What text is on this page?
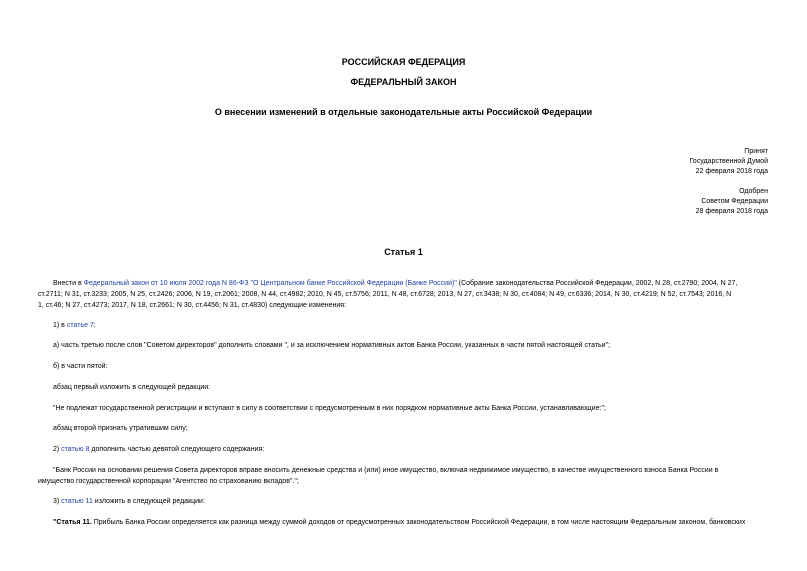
РОССИЙСКАЯ ФЕДЕРАЦИЯ
ФЕДЕРАЛЬНЫЙ ЗАКОН
О внесении изменений в отдельные законодательные акты Российской Федерации
Принят
Государственной Думой
22 февраля 2018 года
Одобрен
Советом Федерации
28 февраля 2018 года
Статья 1
Внести в Федеральный закон от 10 июля 2002 года N 86-ФЗ "О Центральном банке Российской Федерации (Банке России)" (Собрание законодательства Российской Федерации, 2002, N 28, ст.2790; 2004, N 27,
ст.2711; N 31, ст.3233; 2005, N 25, ст.2426; 2006, N 19, ст.2061; 2008, N 44, ст.4982; 2010, N 45, ст.5756; 2011, N 48, ст.6728; 2013, N 27, ст.3438; N 30, ст.4084; N 49, ст.6336; 2014, N 30, ст.4219; N 52, ст.7543; 2016, N
1, ст.46; N 27, ст.4273; 2017, N 18, ст.2661; N 30, ст.4456; N 31, ст.4830) следующие изменения:
1) в статье 7:
а) часть третью после слов "Советом директоров" дополнить словами ", и за исключением нормативных актов Банка России, указанных в части пятой настоящей статьи";
б) в части пятой:
абзац первый изложить в следующей редакции:
"Не подлежат государственной регистрации и вступают в силу в соответствии с предусмотренным в них порядком нормативные акты Банка России, устанавливающие:";
абзац второй признать утратившим силу;
2) статью 8 дополнить частью девятой следующего содержания:
"Банк России на основании решения Совета директоров вправе вносить денежные средства и (или) иное имущество, включая недвижимое имущество, в качестве имущественного взноса Банка России в
имущество государственной корпорации "Агентство по страхованию вкладов".";
3) статью 11 изложить в следующей редакции:
"Статья 11. Прибыль Банка России определяется как разница между суммой доходов от предусмотренных законодательством Российской Федерации, в том числе настоящим Федеральным законом, банковских
